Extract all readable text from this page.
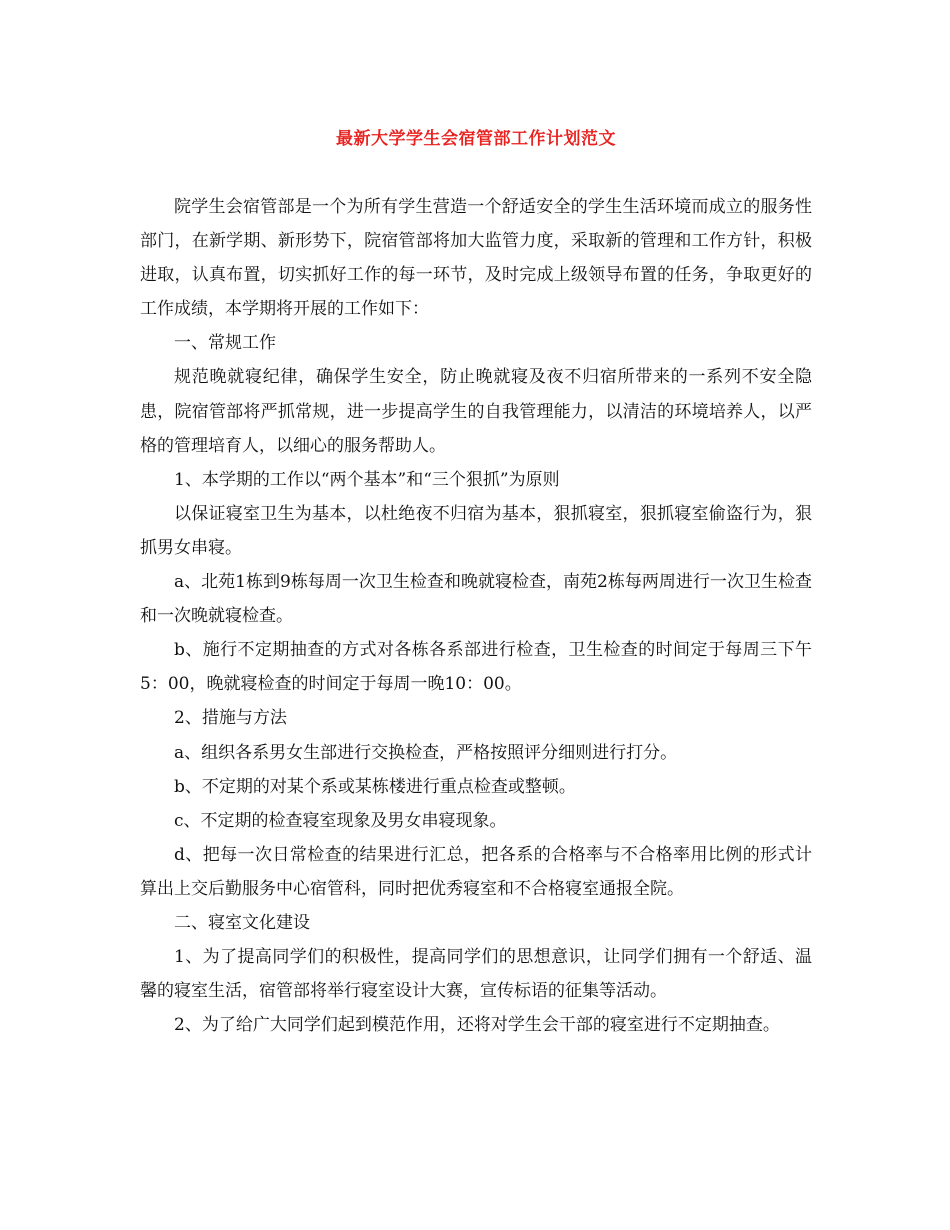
最新大学学生会宿管部工作计划范文

院学生会宿管部是一个为所有学生营造一个舒适安全的学生生活环境而成立的服务性部门，在新学期、新形势下，院宿管部将加大监管力度，采取新的管理和工作方针，积极进取，认真布置，切实抓好工作的每一环节，及时完成上级领导布置的任务，争取更好的工作成绩，本学期将开展的工作如下：

一、常规工作

规范晚就寝纪律，确保学生安全，防止晚就寝及夜不归宿所带来的一系列不安全隐患，院宿管部将严抓常规，进一步提高学生的自我管理能力，以清洁的环境培养人，以严格的管理培育人，以细心的服务帮助人。

1、本学期的工作以“两个基本”和“三个狠抓”为原则

以保证寝室卫生为基本，以杜绝夜不归宿为基本，狠抓寝室，狠抓寝室偷盗行为，狠抓男女串寝。

a、北苑1栋到9栋每周一次卫生检查和晚就寝检查，南苑2栋每两周进行一次卫生检查和一次晚就寝检查。

b、施行不定期抽查的方式对各栋各系部进行检查，卫生检查的时间定于每周三下午5：00，晚就寝检查的时间定于每周一晚10：00。

2、措施与方法

a、组织各系男女生部进行交换检查，严格按照评分细则进行打分。

b、不定期的对某个系或某栋楼进行重点检查或整顿。

c、不定期的检查寝室现象及男女串寝现象。

d、把每一次日常检查的结果进行汇总，把各系的合格率与不合格率用比例的形式计算出上交后勤服务中心宿管科，同时把优秀寝室和不合格寝室通报全院。

二、寝室文化建设

1、为了提高同学们的积极性，提高同学们的思想意识，让同学们拥有一个舒适、温馨的寝室生活，宿管部将举行寝室设计大赛，宣传标语的征集等活动。

2、为了给广大同学们起到模范作用，还将对学生会干部的寝室进行不定期抽查。
